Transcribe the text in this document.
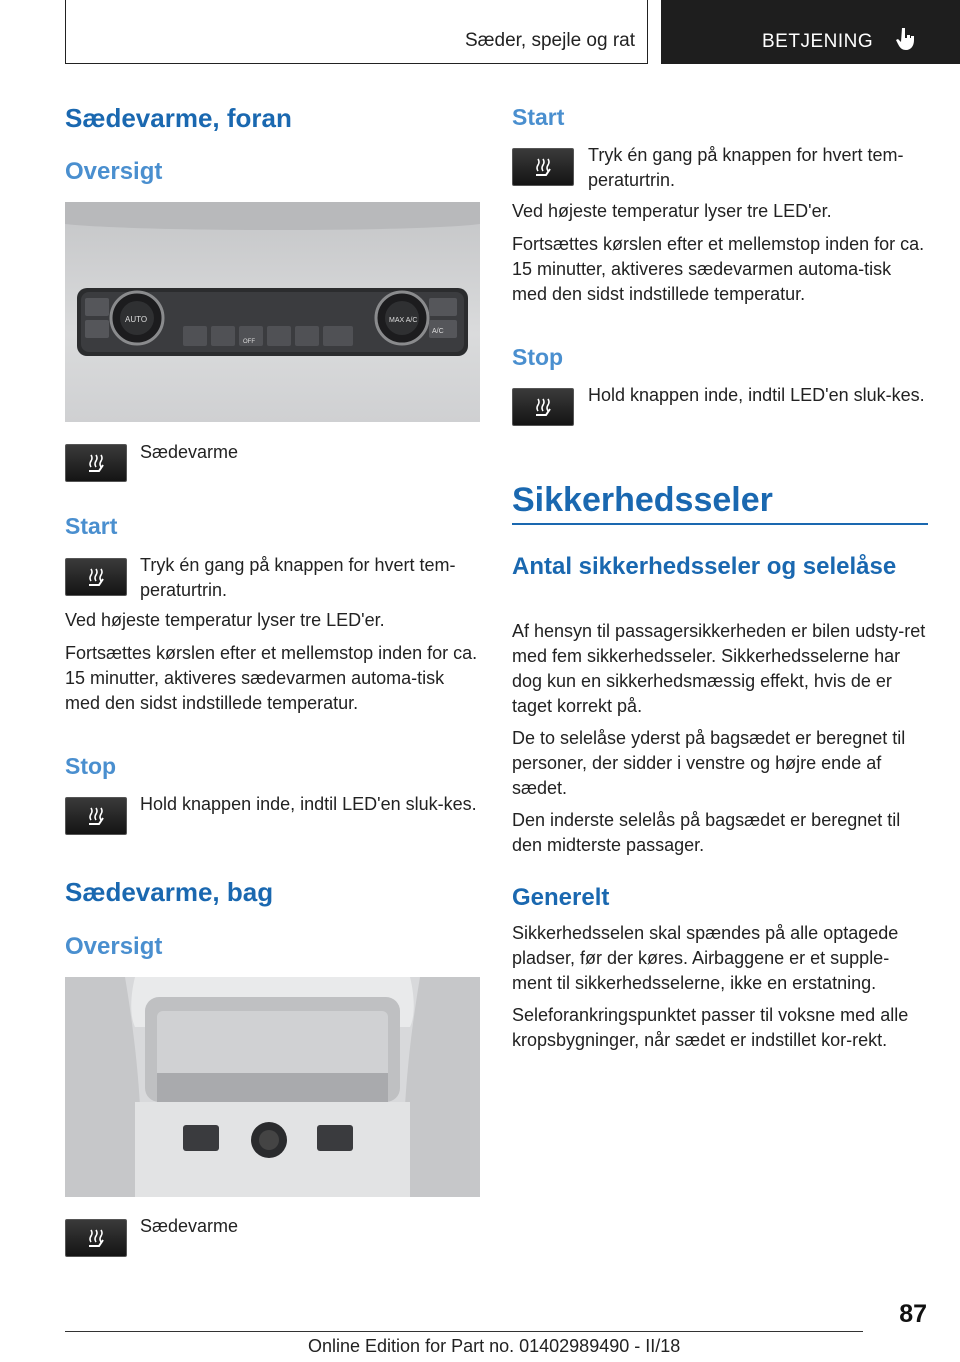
Sæder, spejle og rat	BETJENING
Sædevarme, foran
Oversigt
AUTO	MAX A/C
A/C
OFF

Sædevarme

Start

Tryk én gang på knappen for hvert tem‐peraturtrin.

Ved højeste temperatur lyser tre LED'er.

Fortsættes kørslen efter et mellemstop inden for ca. 15 minutter, aktiveres sædevarmen automa‐tisk med den sidst indstillede temperatur.

Stop

Hold knappen inde, indtil LED'en sluk‐kes.

Sædevarme, bag
Oversigt

Sædevarme

Start

Tryk én gang på knappen for hvert tem‐peraturtrin.

Ved højeste temperatur lyser tre LED'er.

Fortsættes kørslen efter et mellemstop inden for ca. 15 minutter, aktiveres sædevarmen automa‐tisk med den sidst indstillede temperatur.

Stop

Hold knappen inde, indtil LED'en sluk‐kes.

Sikkerhedsseler
Antal sikkerhedsseler og selelåse

Af hensyn til passagersikkerheden er bilen udsty‐ret med fem sikkerhedsseler. Sikkerhedsselerne har dog kun en sikkerhedsmæssig effekt, hvis de er taget korrekt på.

De to selelåse yderst på bagsædet er beregnet til personer, der sidder i venstre og højre ende af sædet.

Den inderste selelås på bagsædet er beregnet til den midterste passager.

Generelt

Sikkerhedsselen skal spændes på alle optagede pladser, før der køres. Airbaggene er et supple‐ment til sikkerhedsselerne, ikke en erstatning.

Seleforankringspunktet passer til voksne med alle kropsbygninger, når sædet er indstillet kor‐rekt.

87
Online Edition for Part no. 01402989490 - II/18
